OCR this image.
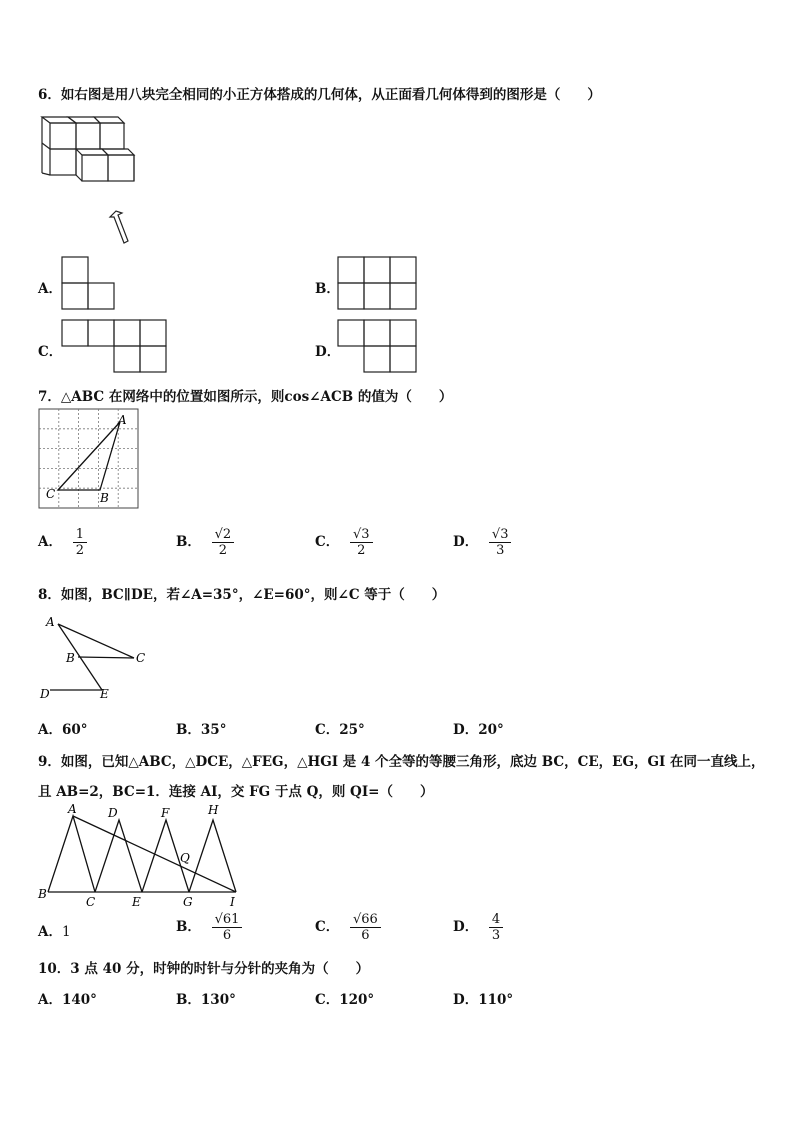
6．如右图是用八块完全相同的小正方体搭成的几何体，从正面看几何体得到的图形是（　　）
A．	B．
C．	D．
7．△ABC 在网络中的位置如图所示，则cos∠ACB 的值为（　　）
A
B
C
A． $\frac{1}{2}$	B． $\frac{√2}{2}$	C． $\frac{√3}{2}$	D． $\frac{√3}{3}$
8．如图，BC∥DE，若∠A=35°，∠E=60°，则∠C 等于（　　）
A
B	C
D	E
A．60°	B．35°	C．25°	D．20°
9．如图，已知△ABC，△DCE，△FEG，△HGI 是 4 个全等的等腰三角形，底边 BC，CE，EG，GI 在同一直线上，
且 AB=2，BC=1．连接 AI，交 FG 于点 Q，则 QI=（　　）
A
B
C
D
E
F
G
H
I
Q
A．1	B． $\frac{√61}{6}$	C． $\frac{√66}{6}$	D． $\frac{4}{3}$
10．3 点 40 分，时钟的时针与分针的夹角为（　　）
A．140°	B．130°	C．120°	D．110°
